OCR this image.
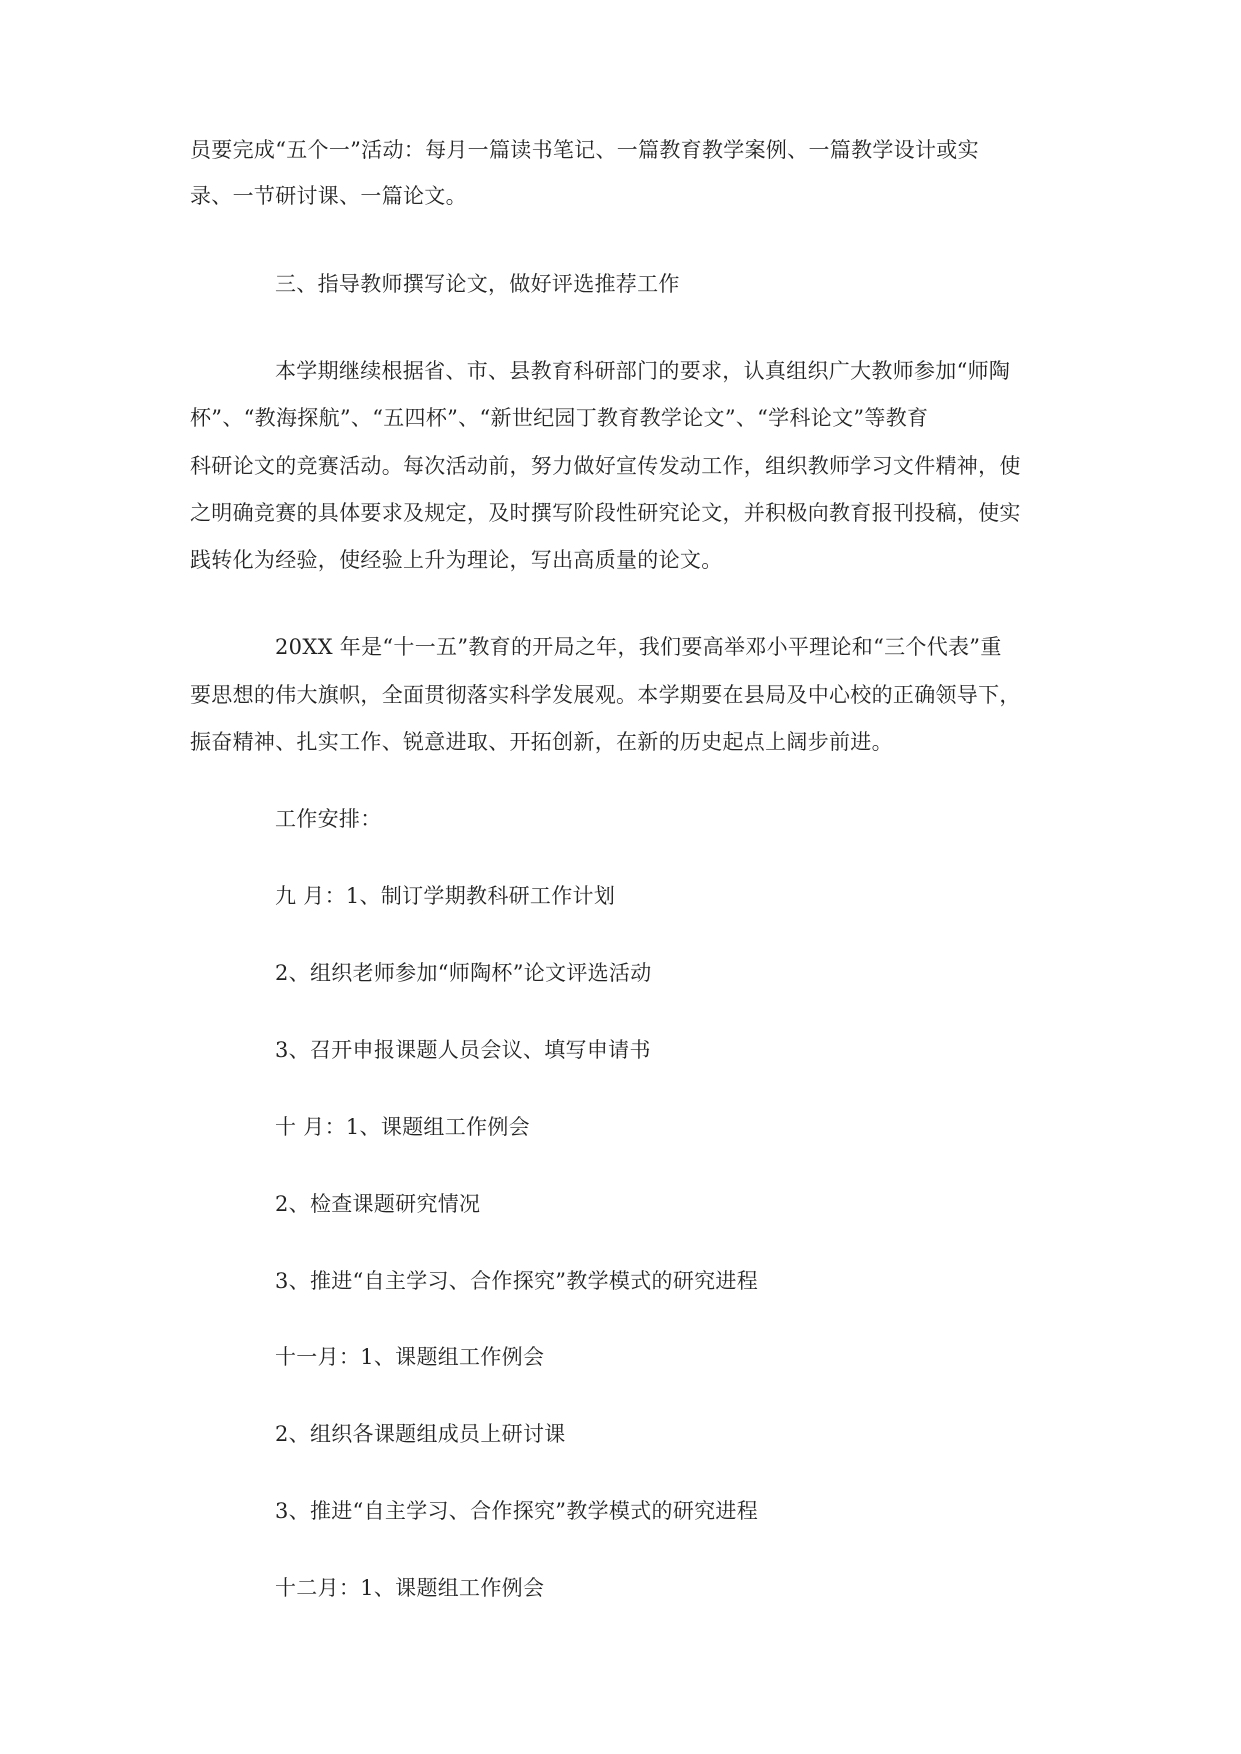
员要完成“五个一”活动：每月一篇读书笔记、一篇教育教学案例、一篇教学设计或实
录、一节研讨课、一篇论文。
三、指导教师撰写论文，做好评选推荐工作
本学期继续根据省、市、县教育科研部门的要求，认真组织广大教师参加“师陶
杯”、“教海探航”、“五四杯”、“新世纪园丁教育教学论文”、“学科论文”等教育
科研论文的竞赛活动。每次活动前，努力做好宣传发动工作，组织教师学习文件精神，使
之明确竞赛的具体要求及规定，及时撰写阶段性研究论文，并积极向教育报刊投稿，使实
践转化为经验，使经验上升为理论，写出高质量的论文。
20XX 年是“十一五”教育的开局之年，我们要高举邓小平理论和“三个代表”重
要思想的伟大旗帜，全面贯彻落实科学发展观。本学期要在县局及中心校的正确领导下，
振奋精神、扎实工作、锐意进取、开拓创新，在新的历史起点上阔步前进。
工作安排：
九 月：1、制订学期教科研工作计划
2、组织老师参加“师陶杯”论文评选活动
3、召开申报课题人员会议、填写申请书
十 月：1、课题组工作例会
2、检查课题研究情况
3、推进“自主学习、合作探究”教学模式的研究进程
十一月：1、课题组工作例会
2、组织各课题组成员上研讨课
3、推进“自主学习、合作探究”教学模式的研究进程
十二月：1、课题组工作例会
